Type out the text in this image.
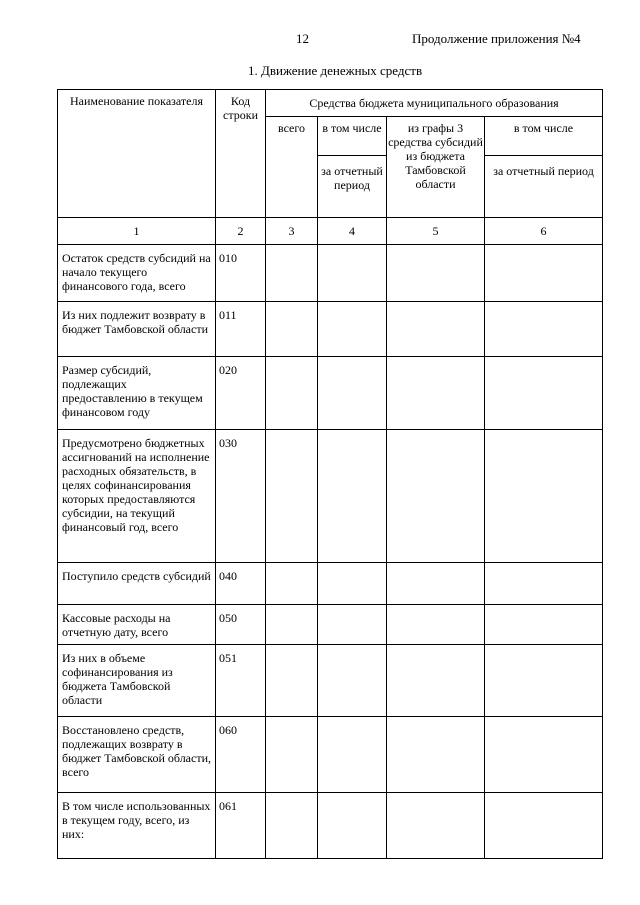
12	Продолжение приложения №4
1. Движение денежных средств
Наименование показателя	Код строки	Средства бюджета муниципального образования			
		всего	в том числе	из графы 3 средства субсидий из бюджета Тамбовской области	в том числе
			за отчетный период		за отчетный период
1	2	3	4	5	6
Остаток средств субсидий на начало текущего финансового года, всего	010				
Из них подлежит возврату в бюджет Тамбовской области	011				
Размер субсидий, подлежащих предоставлению в текущем финансовом году	020				
Предусмотрено бюджетных ассигнований на исполнение расходных обязательств, в целях софинансирования которых предоставляются субсидии, на текущий финансовый год, всего	030				
Поступило средств субсидий	040				
Кассовые расходы на отчетную дату, всего	050				
Из них в объеме софинансирования из бюджета Тамбовской области	051				
Восстановлено средств, подлежащих возврату в бюджет Тамбовской области, всего	060				
В том числе использованных в текущем году, всего, из них:	061				
